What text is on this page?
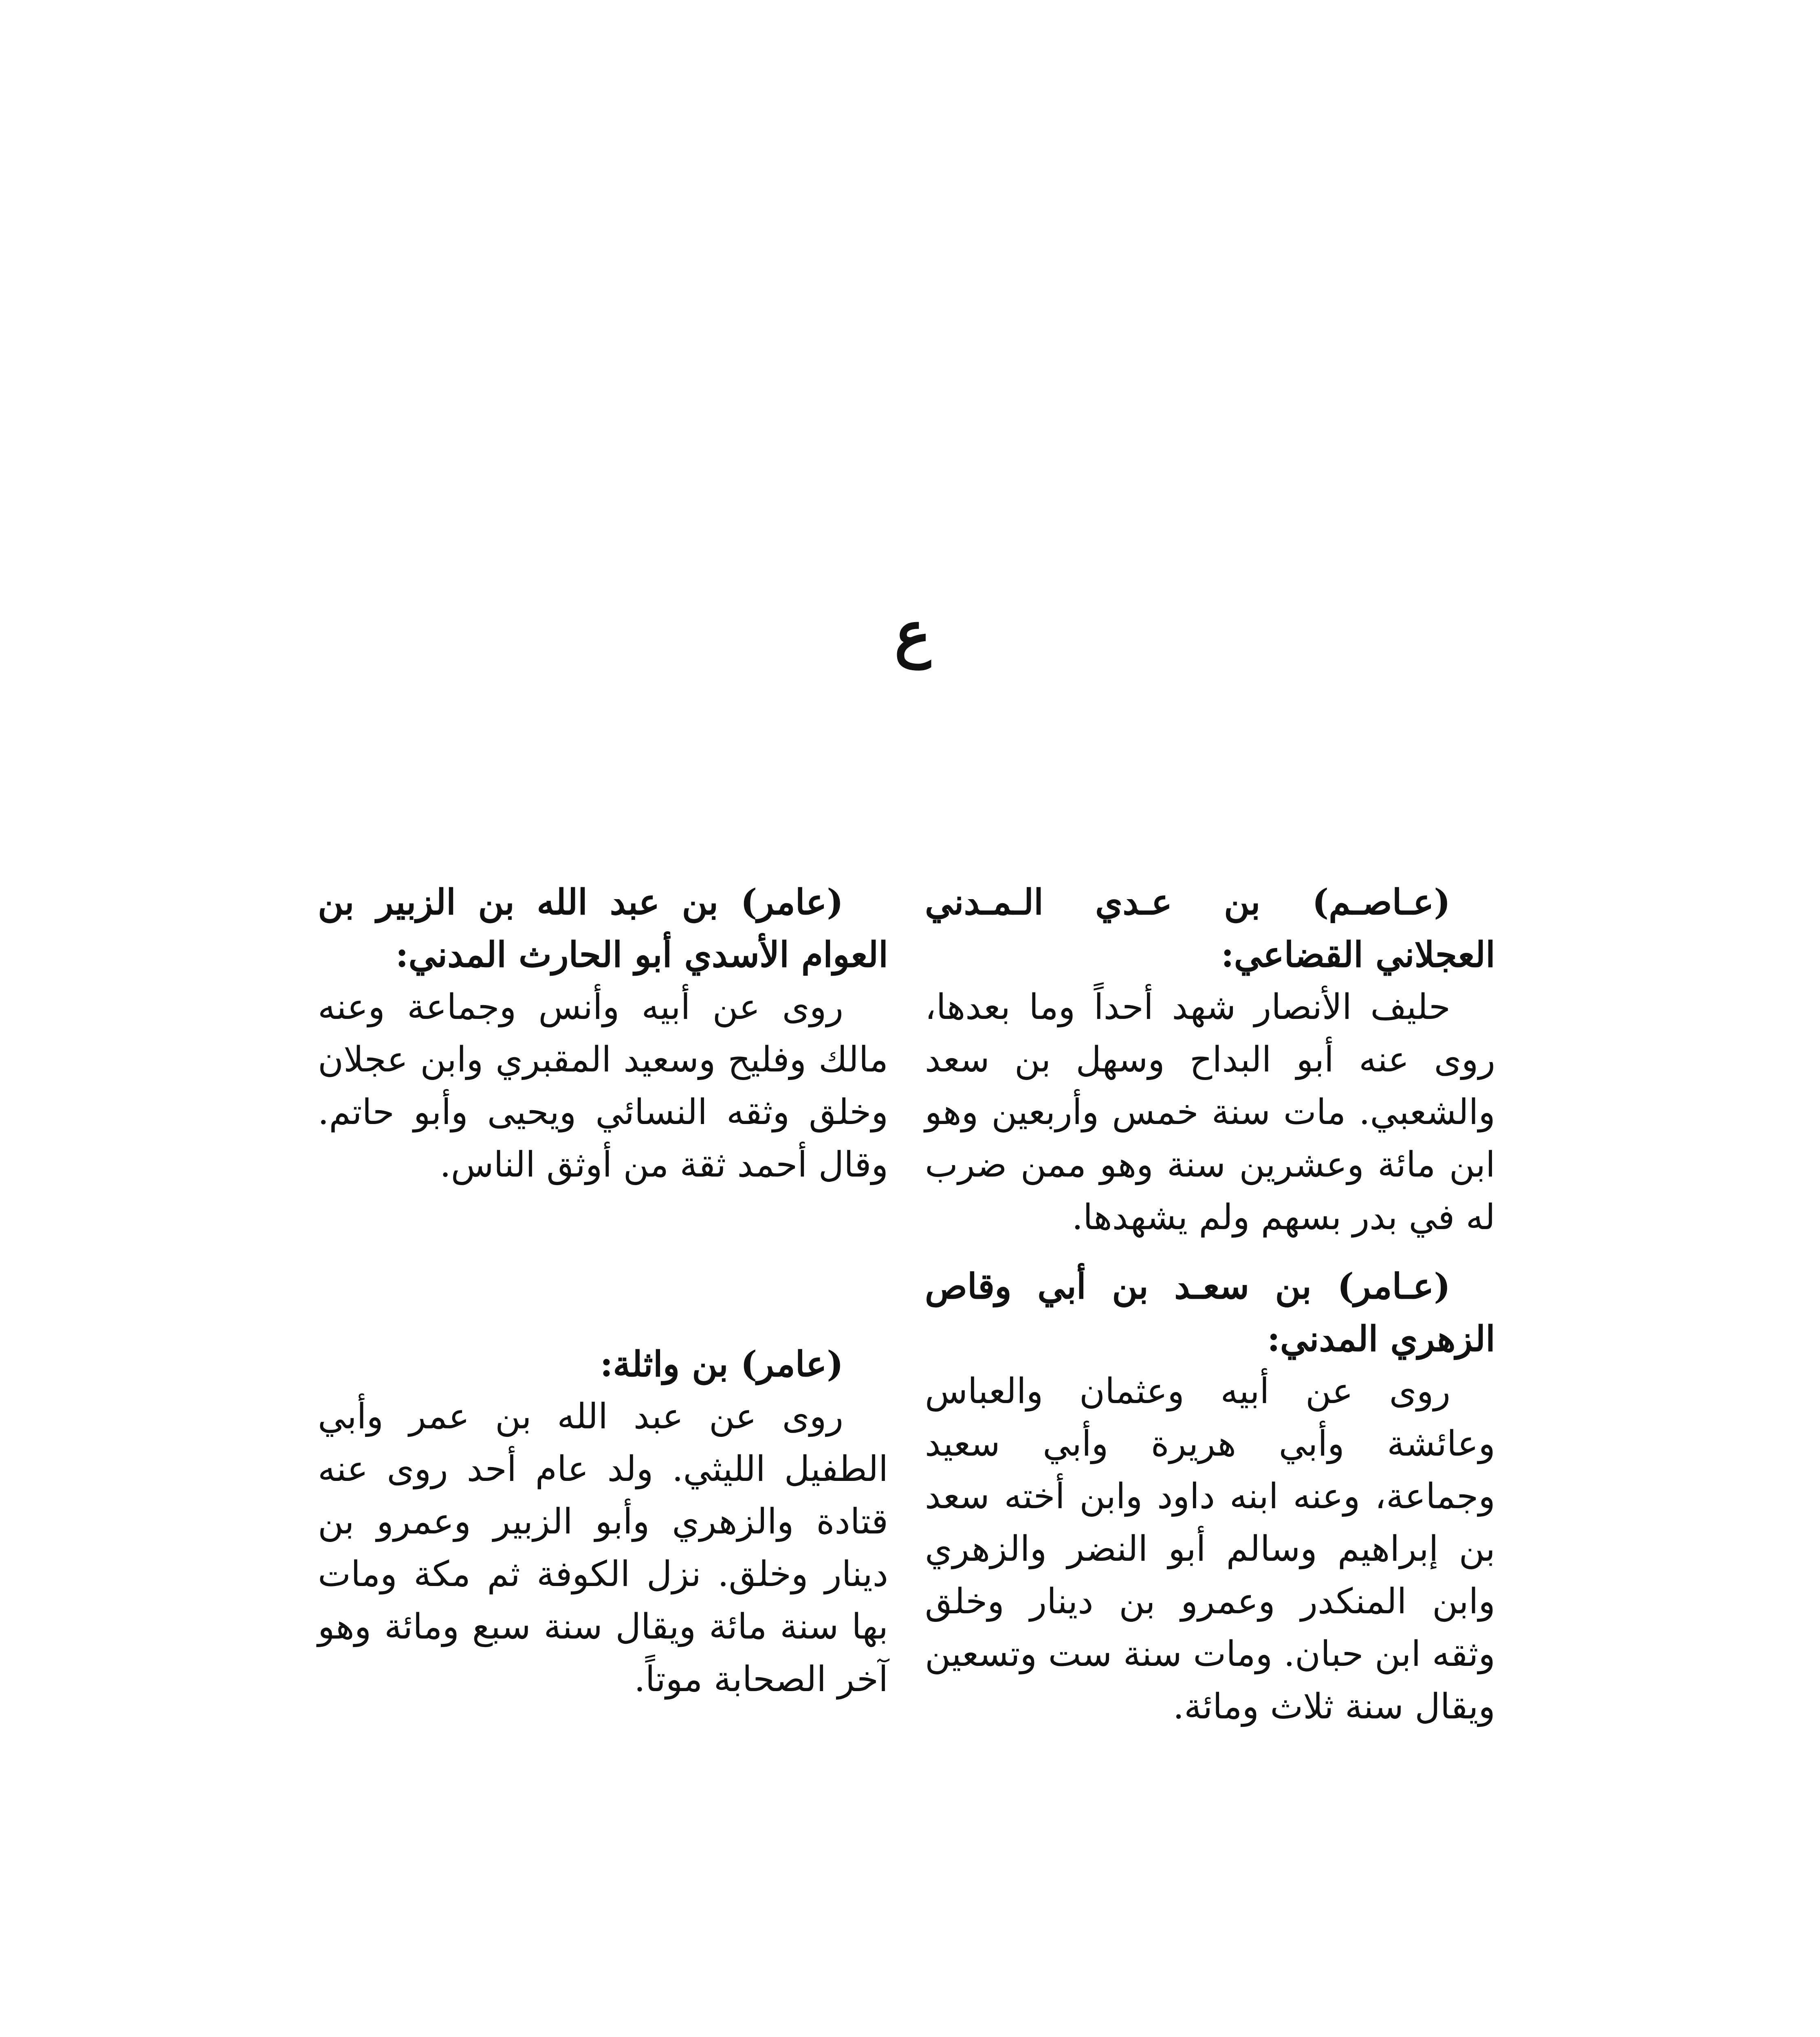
ع

(عـاصـم) بن عـدي الـمـدني العجلاني القضاعي:

حليف الأنصار شهد أحداً وما بعدها، روى عنه أبو البداح وسهل بن سعد والشعبي. مات سنة خمس وأربعين وهو ابن مائة وعشرين سنة وهو ممن ضرب له في بدر بسهم ولم يشهدها.

(عـامر) بن سعـد بن أبي وقاص الزهري المدني:

روى عن أبيه وعثمان والعباس وعائشة وأبي هريرة وأبي سعيد وجماعة، وعنه ابنه داود وابن أخته سعد بن إبراهيم وسالم أبو النضر والزهري وابن المنكدر وعمرو بن دينار وخلق وثقه ابن حبان. ومات سنة ست وتسعين ويقال سنة ثلاث ومائة.

(عامر) بن عبد الله بن الزبير بن العوام الأسدي أبو الحارث المدني:

روى عن أبيه وأنس وجماعة وعنه مالك وفليح وسعيد المقبري وابن عجلان وخلق وثقه النسائي ويحيى وأبو حاتم. وقال أحمد ثقة من أوثق الناس.

(عامر) بن واثلة:

روى عن عبد الله بن عمر وأبي الطفيل الليثي. ولد عام أحد روى عنه قتادة والزهري وأبو الزبير وعمرو بن دينار وخلق. نزل الكوفة ثم مكة ومات بها سنة مائة ويقال سنة سبع ومائة وهو آخر الصحابة موتاً.
